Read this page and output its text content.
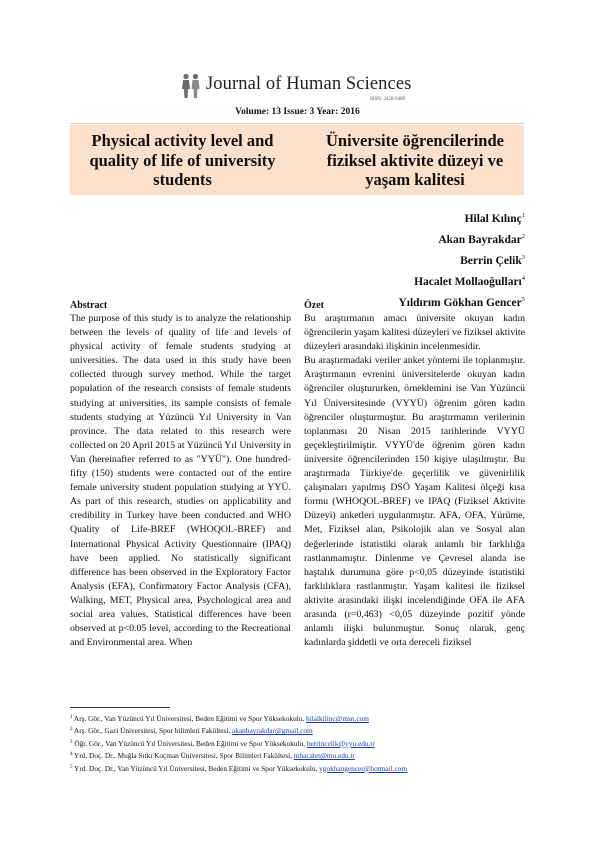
Journal of Human Sciences
ISSN: 2458-9489
Volume: 13 Issue: 3 Year: 2016
Physical activity level and quality of life of university students
Üniversite öğrencilerinde fiziksel aktivite düzeyi ve yaşam kalitesi
Hilal Kılınç$^1$
Akan Bayrakdar$^2$
Berrin Çelik$^3$
Hacalet Mollaoğulları$^4$
Yıldırım Gökhan Gencer$^5$
Abstract

The purpose of this study is to analyze the relationship between the levels of quality of life and levels of physical activity of female students studying at universities. The data used in this study have been collected through survey method. While the target population of the research consists of female students studying at universities, its sample consists of female students studying at Yüzüncü Yıl University in Van province. The data related to this research were collected on 20 April 2015 at Yüzüncü Yıl University in Van (hereinafter referred to as "YYÜ"). One hundred-fifty (150) students were contacted out of the entire female university student population studying at YYÜ. As part of this research, studies on applicability and credibility in Turkey have been conducted and WHO Quality of Life-BREF (WHOQOL-BREF) and International Physical Activity Questionnaire (IPAQ) have been applied. No statistically significant difference has been observed in the Exploratory Factor Analysis (EFA), Confirmatory Factor Analysis (CFA), Walking, MET, Physical area, Psychological area and social area values. Statistical differences have been observed at p<0.05 level, according to the Recreational and Environmental area. When

Özet

Bu araştırmanın amacı üniversite okuyan kadın öğrencilerin yaşam kalitesi düzeyleri ve fiziksel aktivite düzeyleri arasındaki ilişkinin incelenmesidir.

Bu araştırmadaki veriler anket yöntemi ile toplanmıştır. Araştırmanın evrenini üniversitelerde okuyan kadın öğrenciler oluştururken, örneklemini ise Van Yüzüncü Yıl Üniversitesinde (VYYÜ) öğrenim gören kadın öğrenciler oluşturmuştur. Bu araştırmanın verilerinin toplanması 20 Nisan 2015 tarihlerinde VYYÜ geçekleştirilmiştir. VYYÜ'de öğrenim gören kadın üniversite öğrencilerinden 150 kişiye ulaşılmıştır. Bu araştırmada Türkiye'de geçerlilik ve güvenirlilik çalışmaları yapılmış DSÖ Yaşam Kalitesi ölçeği kısa formu (WHOQOL-BREF) ve IPAQ (Fiziksel Aktivite Düzeyi) anketleri uygulanmıştır. AFA, OFA, Yürüme, Met, Fiziksel alan, Psikolojik alan ve Sosyal alan değerlerinde istatistiki olarak anlamlı bir farklılığa rastlanmamıştır. Dinlenme ve Çevresel alanda ise haştalık durumuna göre p<0,05 düzeyinde istatistiki farklılıklara rastlanmıştır. Yaşam kalitesi ile fiziksel aktivite arasındaki ilişki incelendiğinde OFA ile AFA arasında (r=0,463) <0,05 düzeyinde pozitif yönde anlamlı ilişki bulunmuştur. Sonuç olarak, genç kadınlarda şiddetli ve orta dereceli fiziksel

$^1$ Arş. Gör., Van Yüzüncü Yıl Üniversitesi, Beden Eğitimi ve Spor Yüksekokulu, hilalkilinc@msn.com
$^2$ Arş. Gör., Gazi Üniversitesi, Spor bilimleri Fakültesi, akanbayrakdar@gmail.com
$^3$ Öğr. Gör., Van Yüzüncü Yıl Üniversitesi, Beden Eğitimi ve Spor Yüksekokulu, berrincelik@yyu.edu.tr
$^4$ Yrd. Doç. Dr., Muğla Sıtkı Koçman Üniversitesi, Spor Bilimleri Fakültesi, mhacalet@mu.edu.tr
$^5$ Yrd. Doç. Dr., Van Yüzüncü Yıl Üniversitesi, Beden Eğitimi ve Spor Yüksekokulu, ygokhangencer@hotmail.com
